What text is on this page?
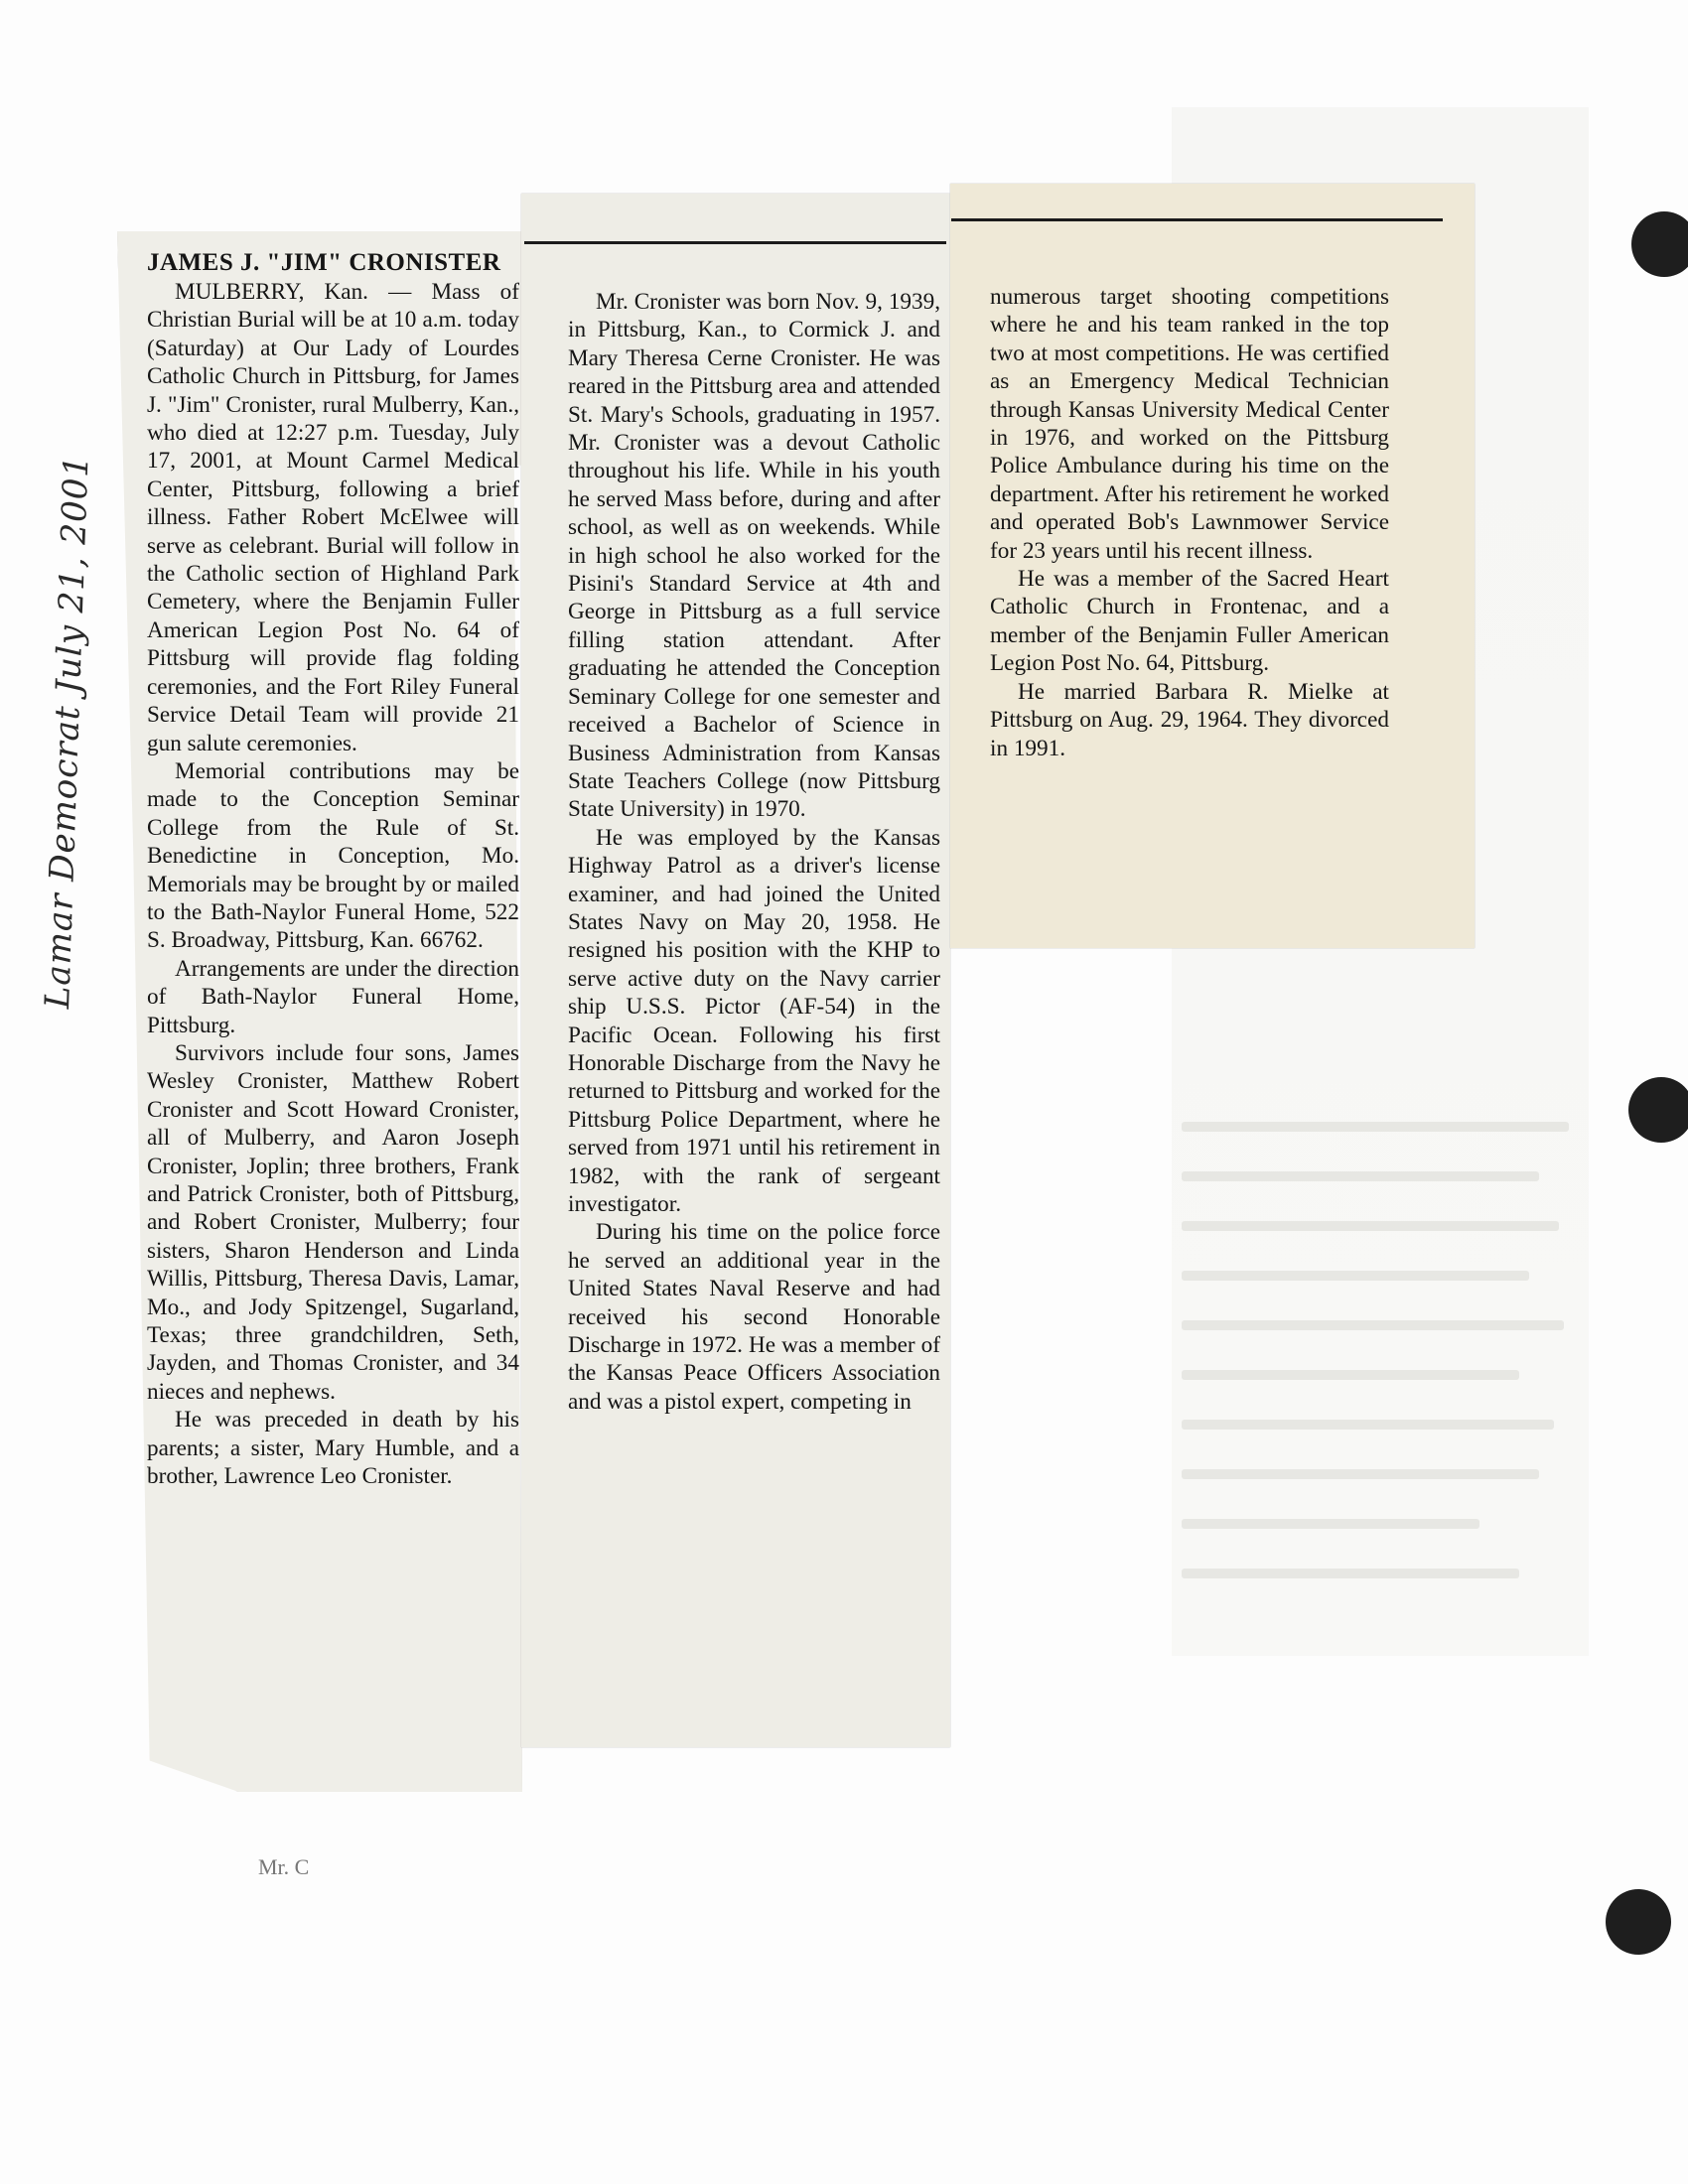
JAMES J. "JIM" CRONISTER

MULBERRY, Kan. — Mass of Christian Burial will be at 10 a.m. today (Saturday) at Our Lady of Lourdes Catholic Church in Pittsburg, for James J. "Jim" Cronister, rural Mulberry, Kan., who died at 12:27 p.m. Tuesday, July 17, 2001, at Mount Carmel Medical Center, Pittsburg, following a brief illness. Father Robert McElwee will serve as celebrant. Burial will follow in the Catholic section of Highland Park Cemetery, where the Benjamin Fuller American Legion Post No. 64 of Pittsburg will provide flag folding ceremonies, and the Fort Riley Funeral Service Detail Team will provide 21 gun salute ceremonies.

Memorial contributions may be made to the Conception Seminar College from the Rule of St. Benedictine in Conception, Mo. Memorials may be brought by or mailed to the Bath-Naylor Funeral Home, 522 S. Broadway, Pittsburg, Kan. 66762.

Arrangements are under the direction of Bath-Naylor Funeral Home, Pittsburg.

Survivors include four sons, James Wesley Cronister, Matthew Robert Cronister and Scott Howard Cronister, all of Mulberry, and Aaron Joseph Cronister, Joplin; three brothers, Frank and Patrick Cronister, both of Pittsburg, and Robert Cronister, Mulberry; four sisters, Sharon Henderson and Linda Willis, Pittsburg, Theresa Davis, Lamar, Mo., and Jody Spitzengel, Sugarland, Texas; three grandchildren, Seth, Jayden, and Thomas Cronister, and 34 nieces and nephews.

He was preceded in death by his parents; a sister, Mary Humble, and a brother, Lawrence Leo Cronister.

Mr. Cronister was born Nov. 9, 1939, in Pittsburg, Kan., to Cormick J. and Mary Theresa Cerne Cronister. He was reared in the Pittsburg area and attended St. Mary's Schools, graduating in 1957. Mr. Cronister was a devout Catholic throughout his life. While in his youth he served Mass before, during and after school, as well as on weekends. While in high school he also worked for the Pisini's Standard Service at 4th and George in Pittsburg as a full service filling station attendant. After graduating he attended the Conception Seminary College for one semester and received a Bachelor of Science in Business Administration from Kansas State Teachers College (now Pittsburg State University) in 1970.

He was employed by the Kansas Highway Patrol as a driver's license examiner, and had joined the United States Navy on May 20, 1958. He resigned his position with the KHP to serve active duty on the Navy carrier ship U.S.S. Pictor (AF-54) in the Pacific Ocean. Following his first Honorable Discharge from the Navy he returned to Pittsburg and worked for the Pittsburg Police Department, where he served from 1971 until his retirement in 1982, with the rank of sergeant investigator.

During his time on the police force he served an additional year in the United States Naval Reserve and had received his second Honorable Discharge in 1972. He was a member of the Kansas Peace Officers Association and was a pistol expert, competing in

numerous target shooting competitions where he and his team ranked in the top two at most competitions. He was certified as an Emergency Medical Technician through Kansas University Medical Center in 1976, and worked on the Pittsburg Police Ambulance during his time on the department. After his retirement he worked and operated Bob's Lawnmower Service for 23 years until his recent illness.

He was a member of the Sacred Heart Catholic Church in Frontenac, and a member of the Benjamin Fuller American Legion Post No. 64, Pittsburg.

He married Barbara R. Mielke at Pittsburg on Aug. 29, 1964. They divorced in 1991.

Lamar Democrat July 21, 2001
Mr. C
